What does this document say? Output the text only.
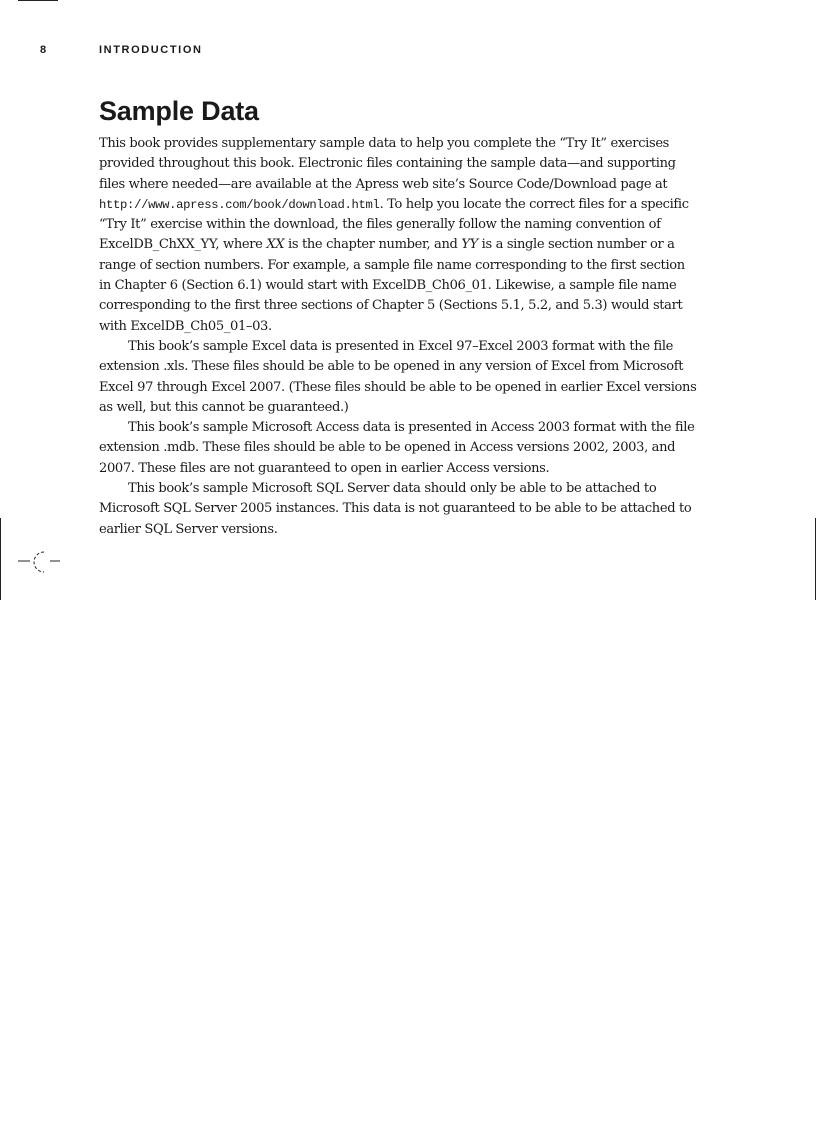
8	INTRODUCTION
Sample Data

This book provides supplementary sample data to help you complete the “Try It” exercises
provided throughout this book. Electronic files containing the sample data—and supporting
files where needed—are available at the Apress web site’s Source Code/Download page at
http://www.apress.com/book/download.html. To help you locate the correct files for a specific
“Try It” exercise within the download, the files generally follow the naming convention of
ExcelDB_ChXX_YY, where XX is the chapter number, and YY is a single section number or a
range of section numbers. For example, a sample file name corresponding to the first section
in Chapter 6 (Section 6.1) would start with ExcelDB_Ch06_01. Likewise, a sample file name
corresponding to the first three sections of Chapter 5 (Sections 5.1, 5.2, and 5.3) would start
with ExcelDB_Ch05_01–03.

This book’s sample Excel data is presented in Excel 97–Excel 2003 format with the file
extension .xls. These files should be able to be opened in any version of Excel from Microsoft
Excel 97 through Excel 2007. (These files should be able to be opened in earlier Excel versions
as well, but this cannot be guaranteed.)

This book’s sample Microsoft Access data is presented in Access 2003 format with the file
extension .mdb. These files should be able to be opened in Access versions 2002, 2003, and
2007. These files are not guaranteed to open in earlier Access versions.

This book’s sample Microsoft SQL Server data should only be able to be attached to
Microsoft SQL Server 2005 instances. This data is not guaranteed to be able to be attached to
earlier SQL Server versions.
